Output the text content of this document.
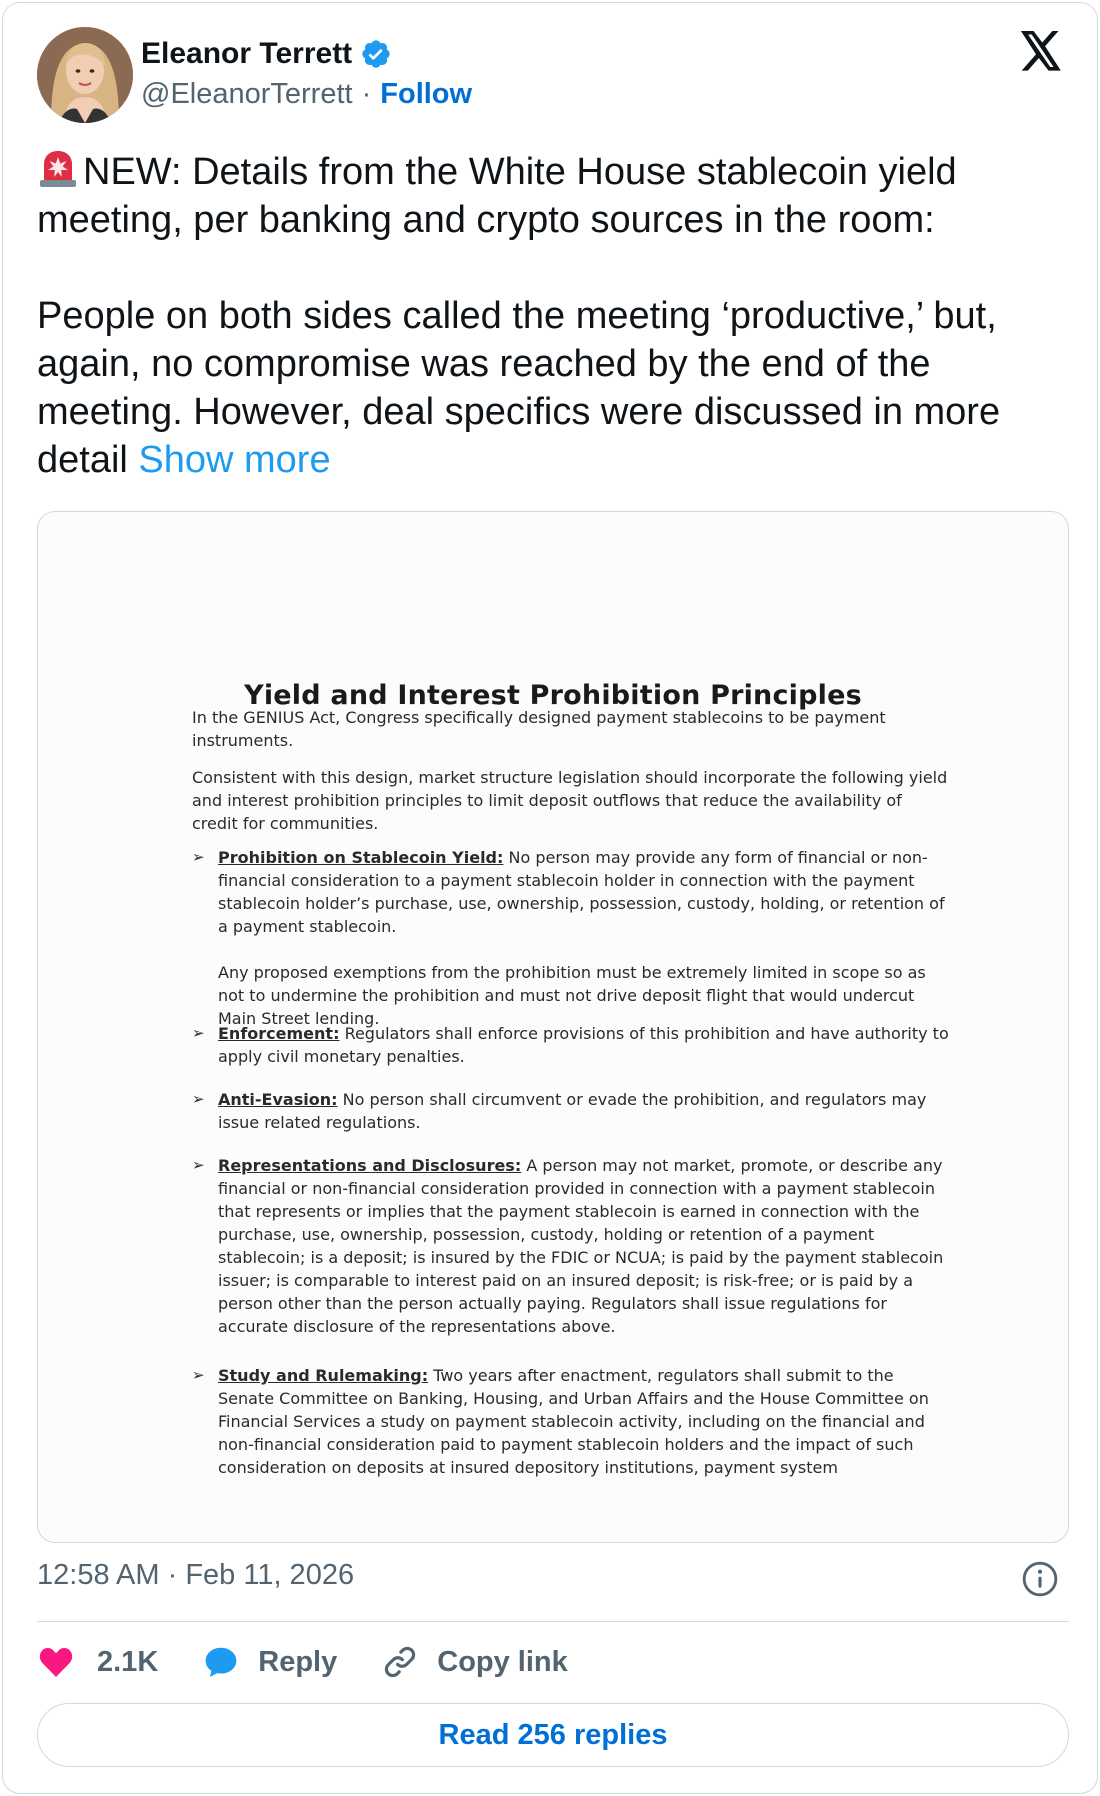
Eleanor Terrett
@EleanorTerrett · Follow

NEW: Details from the White House stablecoin yield meeting, per banking and crypto sources in the room:

People on both sides called the meeting ‘productive,’ but, again, no compromise was reached by the end of the meeting. However, deal specifics were discussed in more detail Show more

Yield and Interest Prohibition Principles
In the GENIUS Act, Congress specifically designed payment stablecoins to be payment instruments.
Consistent with this design, market structure legislation should incorporate the following yield and interest prohibition principles to limit deposit outflows that reduce the availability of credit for communities.
➢ Prohibition on Stablecoin Yield: No person may provide any form of financial or non-financial consideration to a payment stablecoin holder in connection with the payment stablecoin holder’s purchase, use, ownership, possession, custody, holding, or retention of a payment stablecoin.
Any proposed exemptions from the prohibition must be extremely limited in scope so as not to undermine the prohibition and must not drive deposit flight that would undercut Main Street lending.
➢ Enforcement: Regulators shall enforce provisions of this prohibition and have authority to apply civil monetary penalties.
➢ Anti-Evasion: No person shall circumvent or evade the prohibition, and regulators may issue related regulations.
➢ Representations and Disclosures: A person may not market, promote, or describe any financial or non-financial consideration provided in connection with a payment stablecoin that represents or implies that the payment stablecoin is earned in connection with the purchase, use, ownership, possession, custody, holding or retention of a payment stablecoin; is a deposit; is insured by the FDIC or NCUA; is paid by the payment stablecoin issuer; is comparable to interest paid on an insured deposit; is risk-free; or is paid by a person other than the person actually paying. Regulators shall issue regulations for accurate disclosure of the representations above.
➢ Study and Rulemaking: Two years after enactment, regulators shall submit to the Senate Committee on Banking, Housing, and Urban Affairs and the House Committee on Financial Services a study on payment stablecoin activity, including on the financial and non-financial consideration paid to payment stablecoin holders and the impact of such consideration on deposits at insured depository institutions, payment system
12:58 AM · Feb 11, 2026
2.1K	Reply	Copy link
Read 256 replies
